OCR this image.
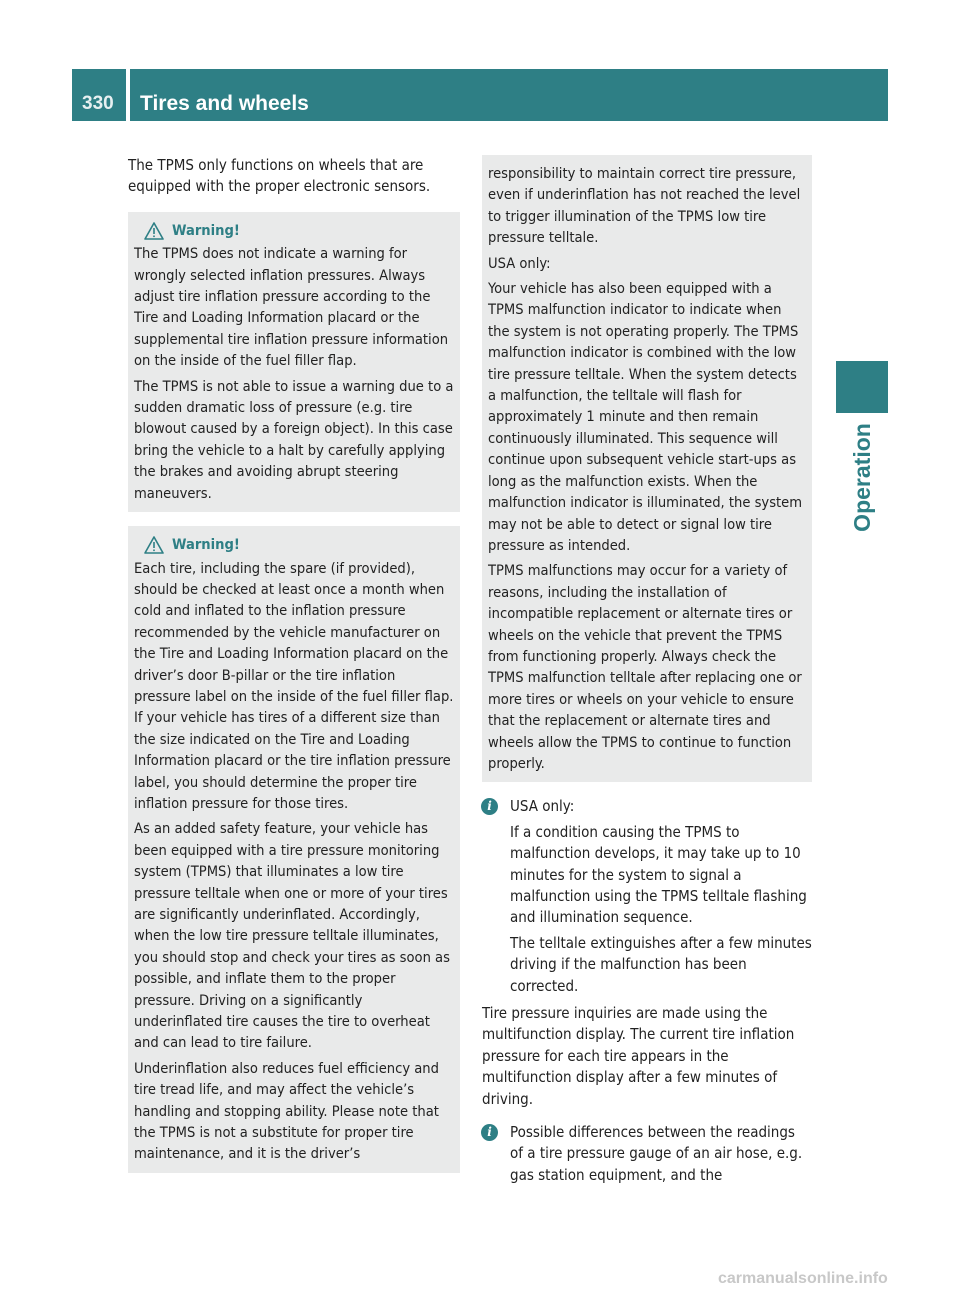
330	Tires and wheels
Operation

The TPMS only functions on wheels that are equipped with the proper electronic sensors.

Warning!

The TPMS does not indicate a warning for wrongly selected inflation pressures. Always adjust tire inflation pressure according to the Tire and Loading Information placard or the supplemental tire inflation pressure information on the inside of the fuel filler flap.

The TPMS is not able to issue a warning due to a sudden dramatic loss of pressure (e.g. tire blowout caused by a foreign object). In this case bring the vehicle to a halt by carefully applying the brakes and avoiding abrupt steering maneuvers.

Warning!

Each tire, including the spare (if provided), should be checked at least once a month when cold and inflated to the inflation pressure recommended by the vehicle manufacturer on the Tire and Loading Information placard on the driver’s door B-pillar or the tire inflation pressure label on the inside of the fuel filler flap. If your vehicle has tires of a different size than the size indicated on the Tire and Loading Information placard or the tire inflation pressure label, you should determine the proper tire inflation pressure for those tires.

As an added safety feature, your vehicle has been equipped with a tire pressure monitoring system (TPMS) that illuminates a low tire pressure telltale when one or more of your tires are significantly underinflated. Accordingly, when the low tire pressure telltale illuminates, you should stop and check your tires as soon as possible, and inflate them to the proper pressure. Driving on a significantly underinflated tire causes the tire to overheat and can lead to tire failure.

Underinflation also reduces fuel efficiency and tire tread life, and may affect the vehicle’s handling and stopping ability. Please note that the TPMS is not a substitute for proper tire maintenance, and it is the driver’s

responsibility to maintain correct tire pressure, even if underinflation has not reached the level to trigger illumination of the TPMS low tire pressure telltale.

USA only:

Your vehicle has also been equipped with a TPMS malfunction indicator to indicate when the system is not operating properly. The TPMS malfunction indicator is combined with the low tire pressure telltale. When the system detects a malfunction, the telltale will flash for approximately 1 minute and then remain continuously illuminated. This sequence will continue upon subsequent vehicle start-ups as long as the malfunction exists. When the malfunction indicator is illuminated, the system may not be able to detect or signal low tire pressure as intended.

TPMS malfunctions may occur for a variety of reasons, including the installation of incompatible replacement or alternate tires or wheels on the vehicle that prevent the TPMS from functioning properly. Always check the TPMS malfunction telltale after replacing one or more tires or wheels on your vehicle to ensure that the replacement or alternate tires and wheels allow the TPMS to continue to function properly.

i	USA only:

If a condition causing the TPMS to malfunction develops, it may take up to 10 minutes for the system to signal a malfunction using the TPMS telltale flashing and illumination sequence.

The telltale extinguishes after a few minutes driving if the malfunction has been corrected.

Tire pressure inquiries are made using the multifunction display. The current tire inflation pressure for each tire appears in the multifunction display after a few minutes of driving.

i	Possible differences between the readings of a tire pressure gauge of an air hose, e.g. gas station equipment, and the

carmanualsonline.info
